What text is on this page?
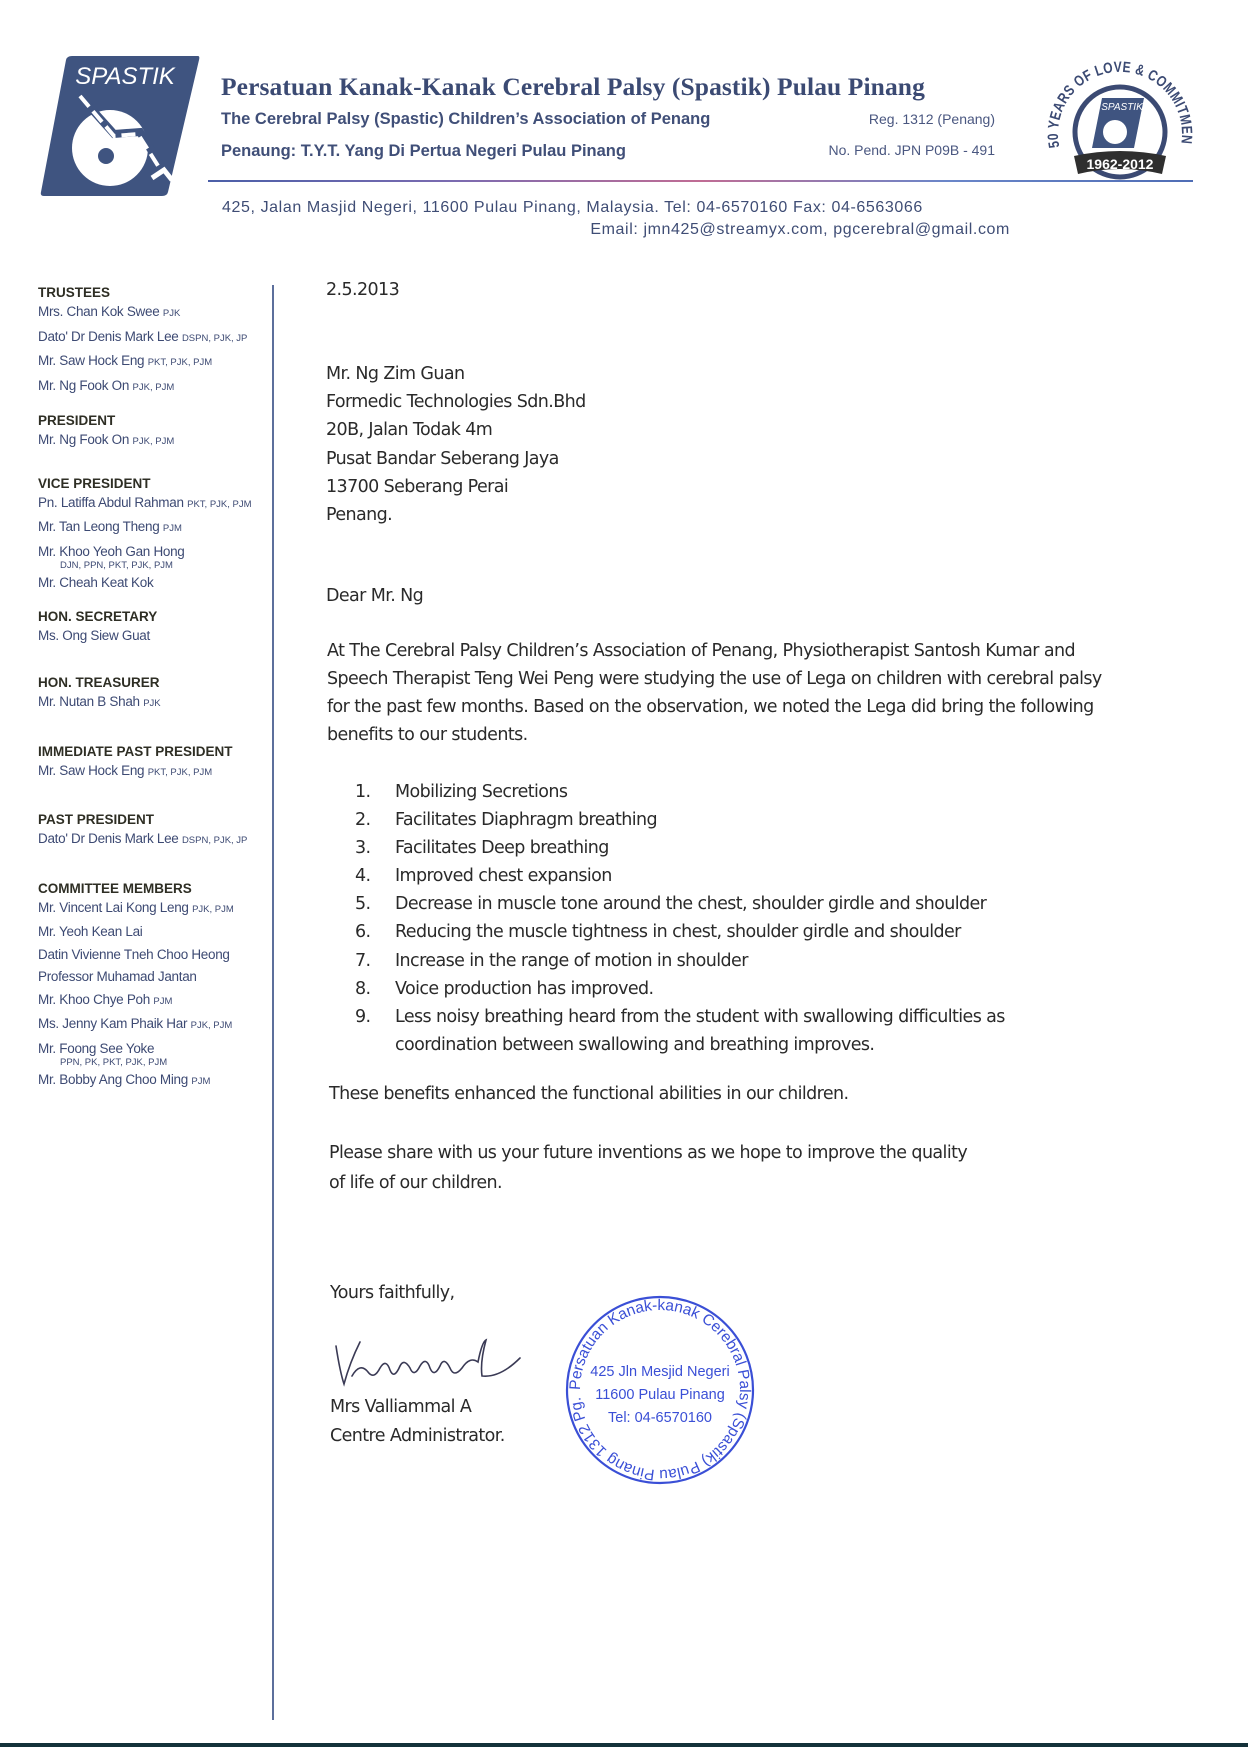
SPASTIK Persatuan Kanak-Kanak Cerebral Palsy (Spastik) Pulau Pinang
The Cerebral Palsy (Spastic) Children’s Association of Penang
Penaung: T.Y.T. Yang Di Pertua Negeri Pulau Pinang
Reg. 1312 (Penang)
No. Pend. JPN P09B - 491
SPASTIK
1962-2012
50 YEARS OF LOVE & COMMITMEN
425, Jalan Masjid Negeri, 11600 Pulau Pinang, Malaysia. Tel: 04-6570160 Fax: 04-6563066
Email: jmn425@streamyx.com, pgcerebral@gmail.com
TRUSTEES
Mrs. Chan Kok Swee PJK
Dato' Dr Denis Mark Lee DSPN, PJK, JP
Mr. Saw Hock Eng PKT, PJK, PJM
Mr. Ng Fook On PJK, PJM
PRESIDENT
Mr. Ng Fook On PJK, PJM
VICE PRESIDENT
Pn. Latiffa Abdul Rahman PKT, PJK, PJM
Mr. Tan Leong Theng PJM
Mr. Khoo Yeoh Gan Hong
DJN, PPN, PKT, PJK, PJM
Mr. Cheah Keat Kok
HON. SECRETARY
Ms. Ong Siew Guat
HON. TREASURER
Mr. Nutan B Shah PJK
IMMEDIATE PAST PRESIDENT
Mr. Saw Hock Eng PKT, PJK, PJM
PAST PRESIDENT
Dato' Dr Denis Mark Lee DSPN, PJK, JP
COMMITTEE MEMBERS
Mr. Vincent Lai Kong Leng PJK, PJM
Mr. Yeoh Kean Lai
Datin Vivienne Tneh Choo Heong
Professor Muhamad Jantan
Mr. Khoo Chye Poh PJM
Ms. Jenny Kam Phaik Har PJK, PJM
Mr. Foong See Yoke
PPN, PK, PKT, PJK, PJM
Mr. Bobby Ang Choo Ming PJM
2.5.2013
Mr. Ng Zim Guan
Formedic Technologies Sdn.Bhd
20B, Jalan Todak 4m
Pusat Bandar Seberang Jaya
13700 Seberang Perai
Penang.
Dear Mr. Ng
At The Cerebral Palsy Children’s Association of Penang, Physiotherapist Santosh Kumar and Speech Therapist Teng Wei Peng were studying the use of Lega on children with cerebral palsy for the past few months. Based on the observation, we noted the Lega did bring the following benefits to our students.
1. Mobilizing Secretions
2. Facilitates Diaphragm breathing
3. Facilitates Deep breathing
4. Improved chest expansion
5. Decrease in muscle tone around the chest, shoulder girdle and shoulder
6. Reducing the muscle tightness in chest, shoulder girdle and shoulder
7. Increase in the range of motion in shoulder
8. Voice production has improved.
9. Less noisy breathing heard from the student with swallowing difficulties as
coordination between swallowing and breathing improves.
These benefits enhanced the functional abilities in our children.
Please share with us your future inventions as we hope to improve the quality
of life of our children.
Yours faithfully,
Mrs Valliammal A
Centre Administrator.
Persatuan Kanak-kanak Cerebral Palsy (Spastik) Pulau Pinang 1312 Pg.
425 Jln Mesjid Negeri
11600 Pulau Pinang
Tel: 04-6570160
